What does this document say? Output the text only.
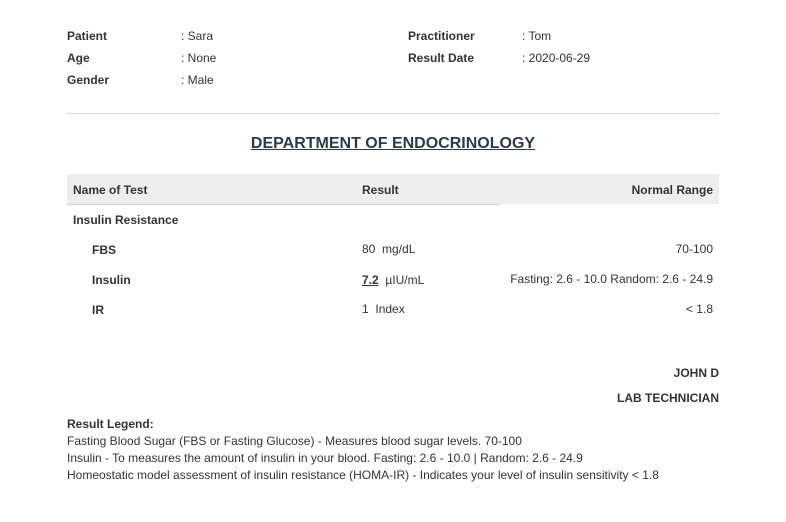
Patient	: Sara
Age	: None
Gender	: Male
Practitioner	: Tom
Result Date	: 2020-06-29
DEPARTMENT OF ENDOCRINOLOGY
Name of Test	Result	Normal Range
Insulin Resistance
FBS	80 mg/dL	70-100
Insulin	7.2 µIU/mL	Fasting: 2.6 - 10.0 Random: 2.6 - 24.9
IR	1 Index	< 1.8
JOHN D
LAB TECHNICIAN
Result Legend:
Fasting Blood Sugar (FBS or Fasting Glucose) - Measures blood sugar levels. 70-100
Insulin - To measures the amount of insulin in your blood. Fasting: 2.6 - 10.0 | Random: 2.6 - 24.9
Homeostatic model assessment of insulin resistance (HOMA-IR) - Indicates your level of insulin sensitivity < 1.8
